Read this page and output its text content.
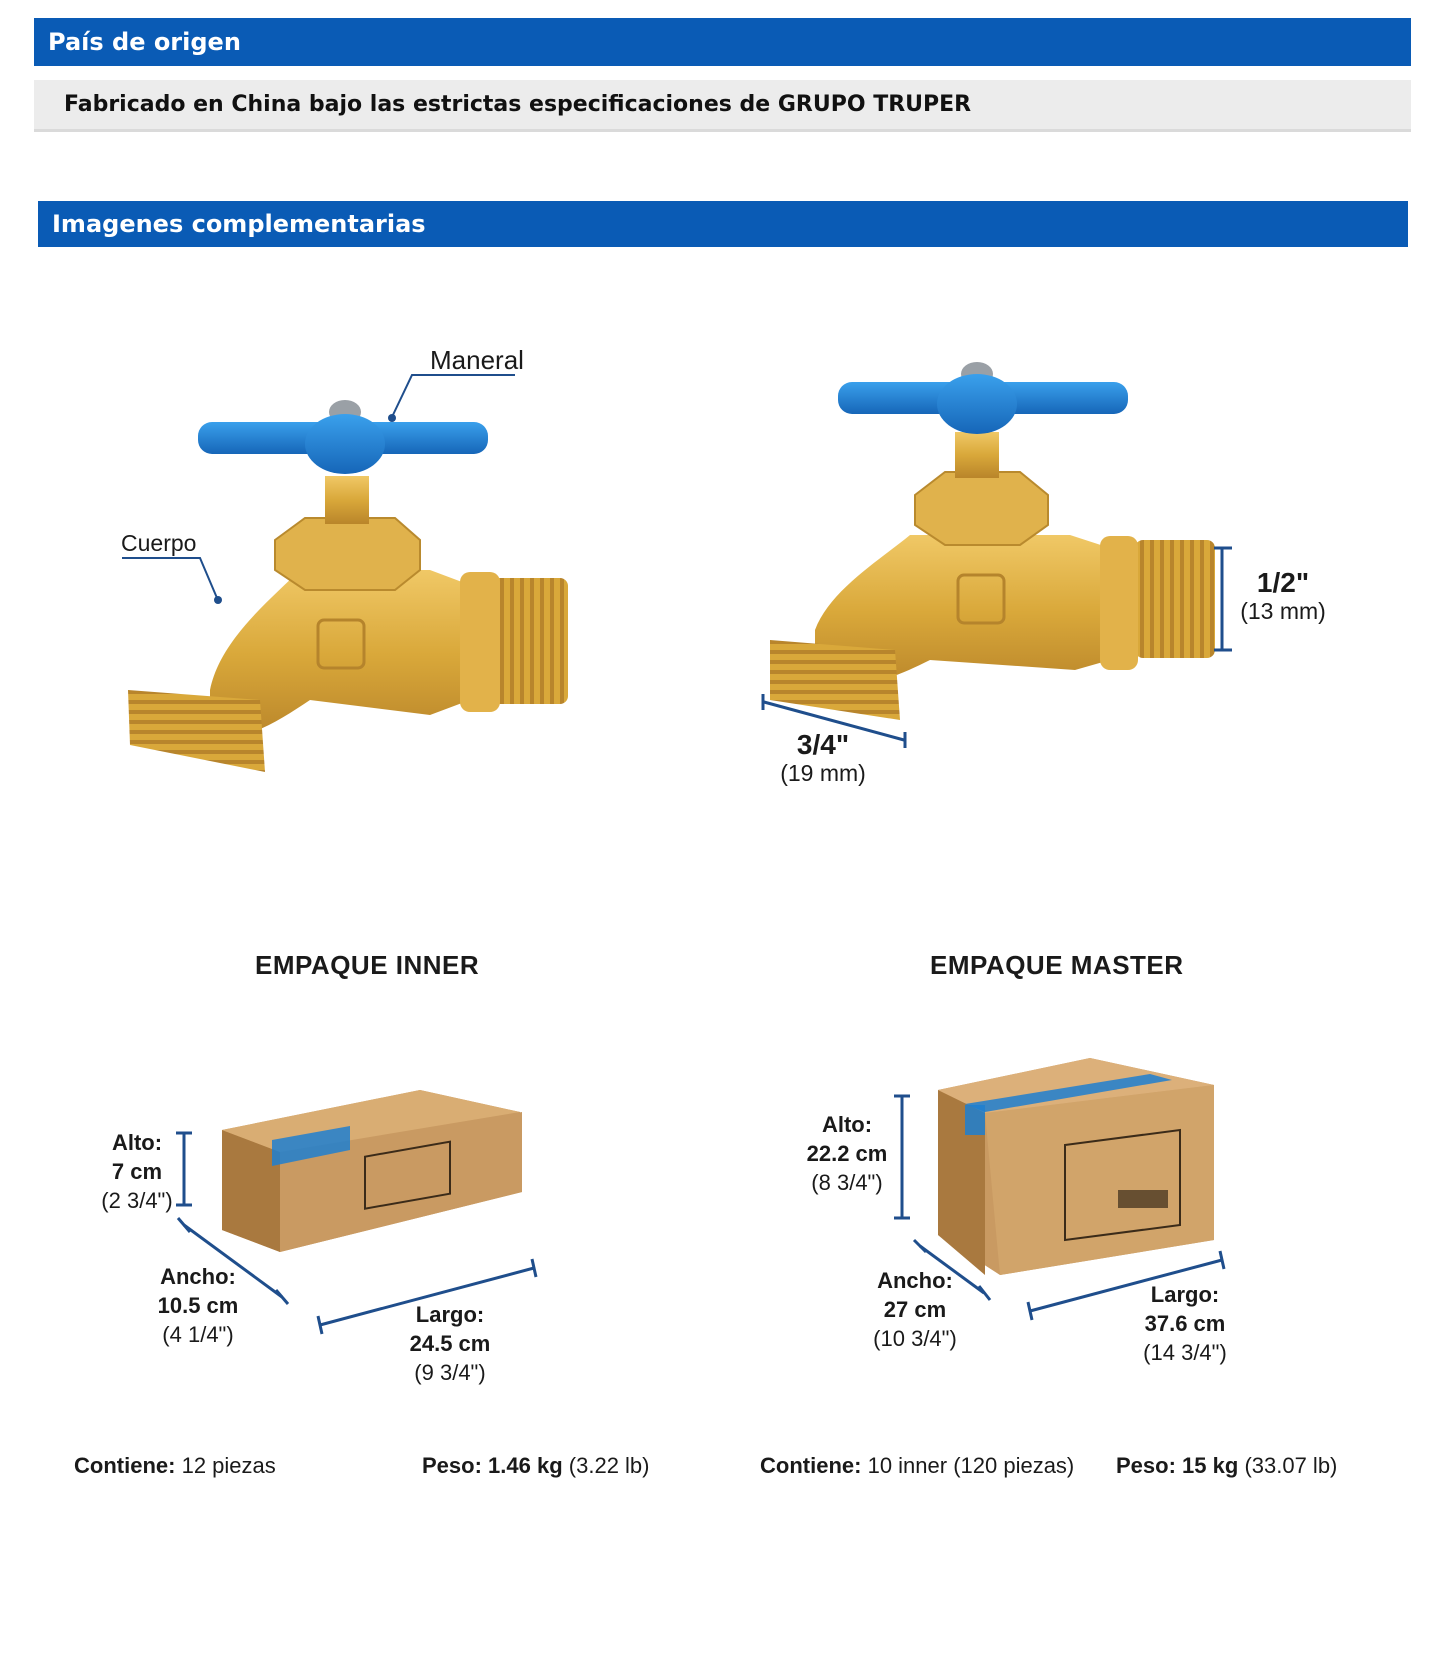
País de origen
Fabricado en China bajo las estrictas especificaciones de GRUPO TRUPER
Imagenes complementarias
Maneral
Cuerpo
1/2"
(13 mm)
3/4"
(19 mm)
EMPAQUE INNER	EMPAQUE MASTER
Alto:
7 cm
(2 3/4")
Ancho:
10.5 cm
(4 1/4")
Largo:
24.5 cm
(9 3/4")
Alto:
22.2 cm
(8 3/4")
Ancho:
27 cm
(10 3/4")
Largo:
37.6 cm
(14 3/4")
Contiene: 12 piezas	Peso: 1.46 kg (3.22 lb)	Contiene: 10 inner (120 piezas) Peso: 15 kg (33.07 lb)
